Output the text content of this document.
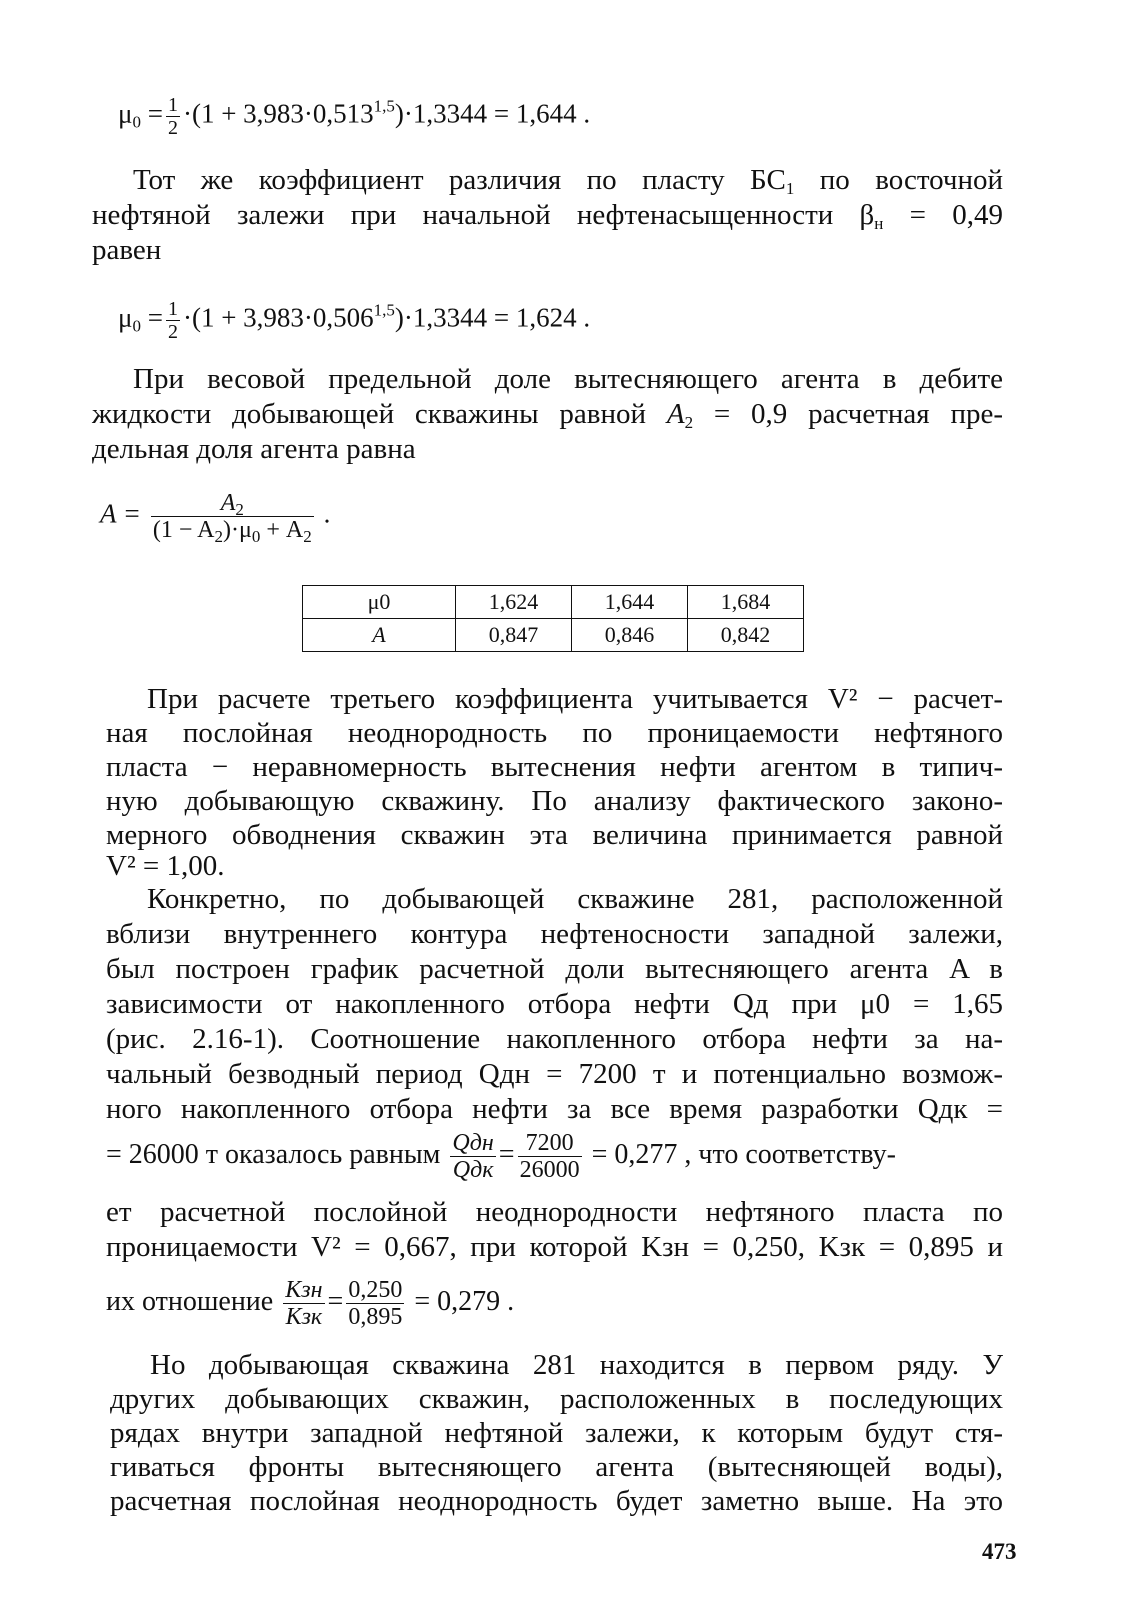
$\mu_0 = \frac{1}{2} \cdot(1 + 3,983\cdot 0,513^{1,5})\cdot 1,3344 = 1,644$ .
Тот же коэффициент различия по пласту $БС_1$ по восточной
нефтяной залежи при начальной нефтенасыщенности $\beta_н = 0,49$
равен
$\mu_0 = \frac{1}{2} \cdot(1 + 3,983\cdot 0,506^{1,5})\cdot 1,3344 = 1,624$ .
При весовой предельной доле вытесняющего агента в дебите
жидкости добывающей скважины равной $A_2 = 0,9$ расчетная пре-
дельная доля агента равна
$A = \frac{A_2}{(1 - A_2)\cdot\mu_0 + A_2}$ .
μ0	1,624	1,644	1,684
A	0,847	0,846	0,842
При расчете третьего коэффициента учитывается V² − расчет-
ная послойная неоднородность по проницаемости нефтяного
пласта − неравномерность вытеснения нефти агентом в типич-
ную добывающую скважину. По анализу фактического законо-
мерного обводнения скважин эта величина принимается равной
V² = 1,00.
Конкретно, по добывающей скважине 281, расположенной
вблизи внутреннего контура нефтеносности западной залежи,
был построен график расчетной доли вытесняющего агента A в
зависимости от накопленного отбора нефти Qд при μ0 = 1,65
(рис. 2.16-1). Соотношение накопленного отбора нефти за на-
чальный безводный период Qдн = 7200 т и потенциально возмож-
ного накопленного отбора нефти за все время разработки Qдк =
= 26000 т оказалось равным $\frac{\text{Qдн}}{\text{Qдк}} = \frac{7200}{26000} = 0,277$ , что соответству-
ет расчетной послойной неоднородности нефтяного пласта по
проницаемости V² = 0,667, при которой Kзн = 0,250, Kзк = 0,895 и
их отношение $\frac{\text{Kзн}}{\text{Kзк}} = \frac{0,250}{0,895} = 0,279$ .
Но добывающая скважина 281 находится в первом ряду. У
других добывающих скважин, расположенных в последующих
рядах внутри западной нефтяной залежи, к которым будут стя-
гиваться фронты вытесняющего агента (вытесняющей воды),
расчетная послойная неоднородность будет заметно выше. На это
473
